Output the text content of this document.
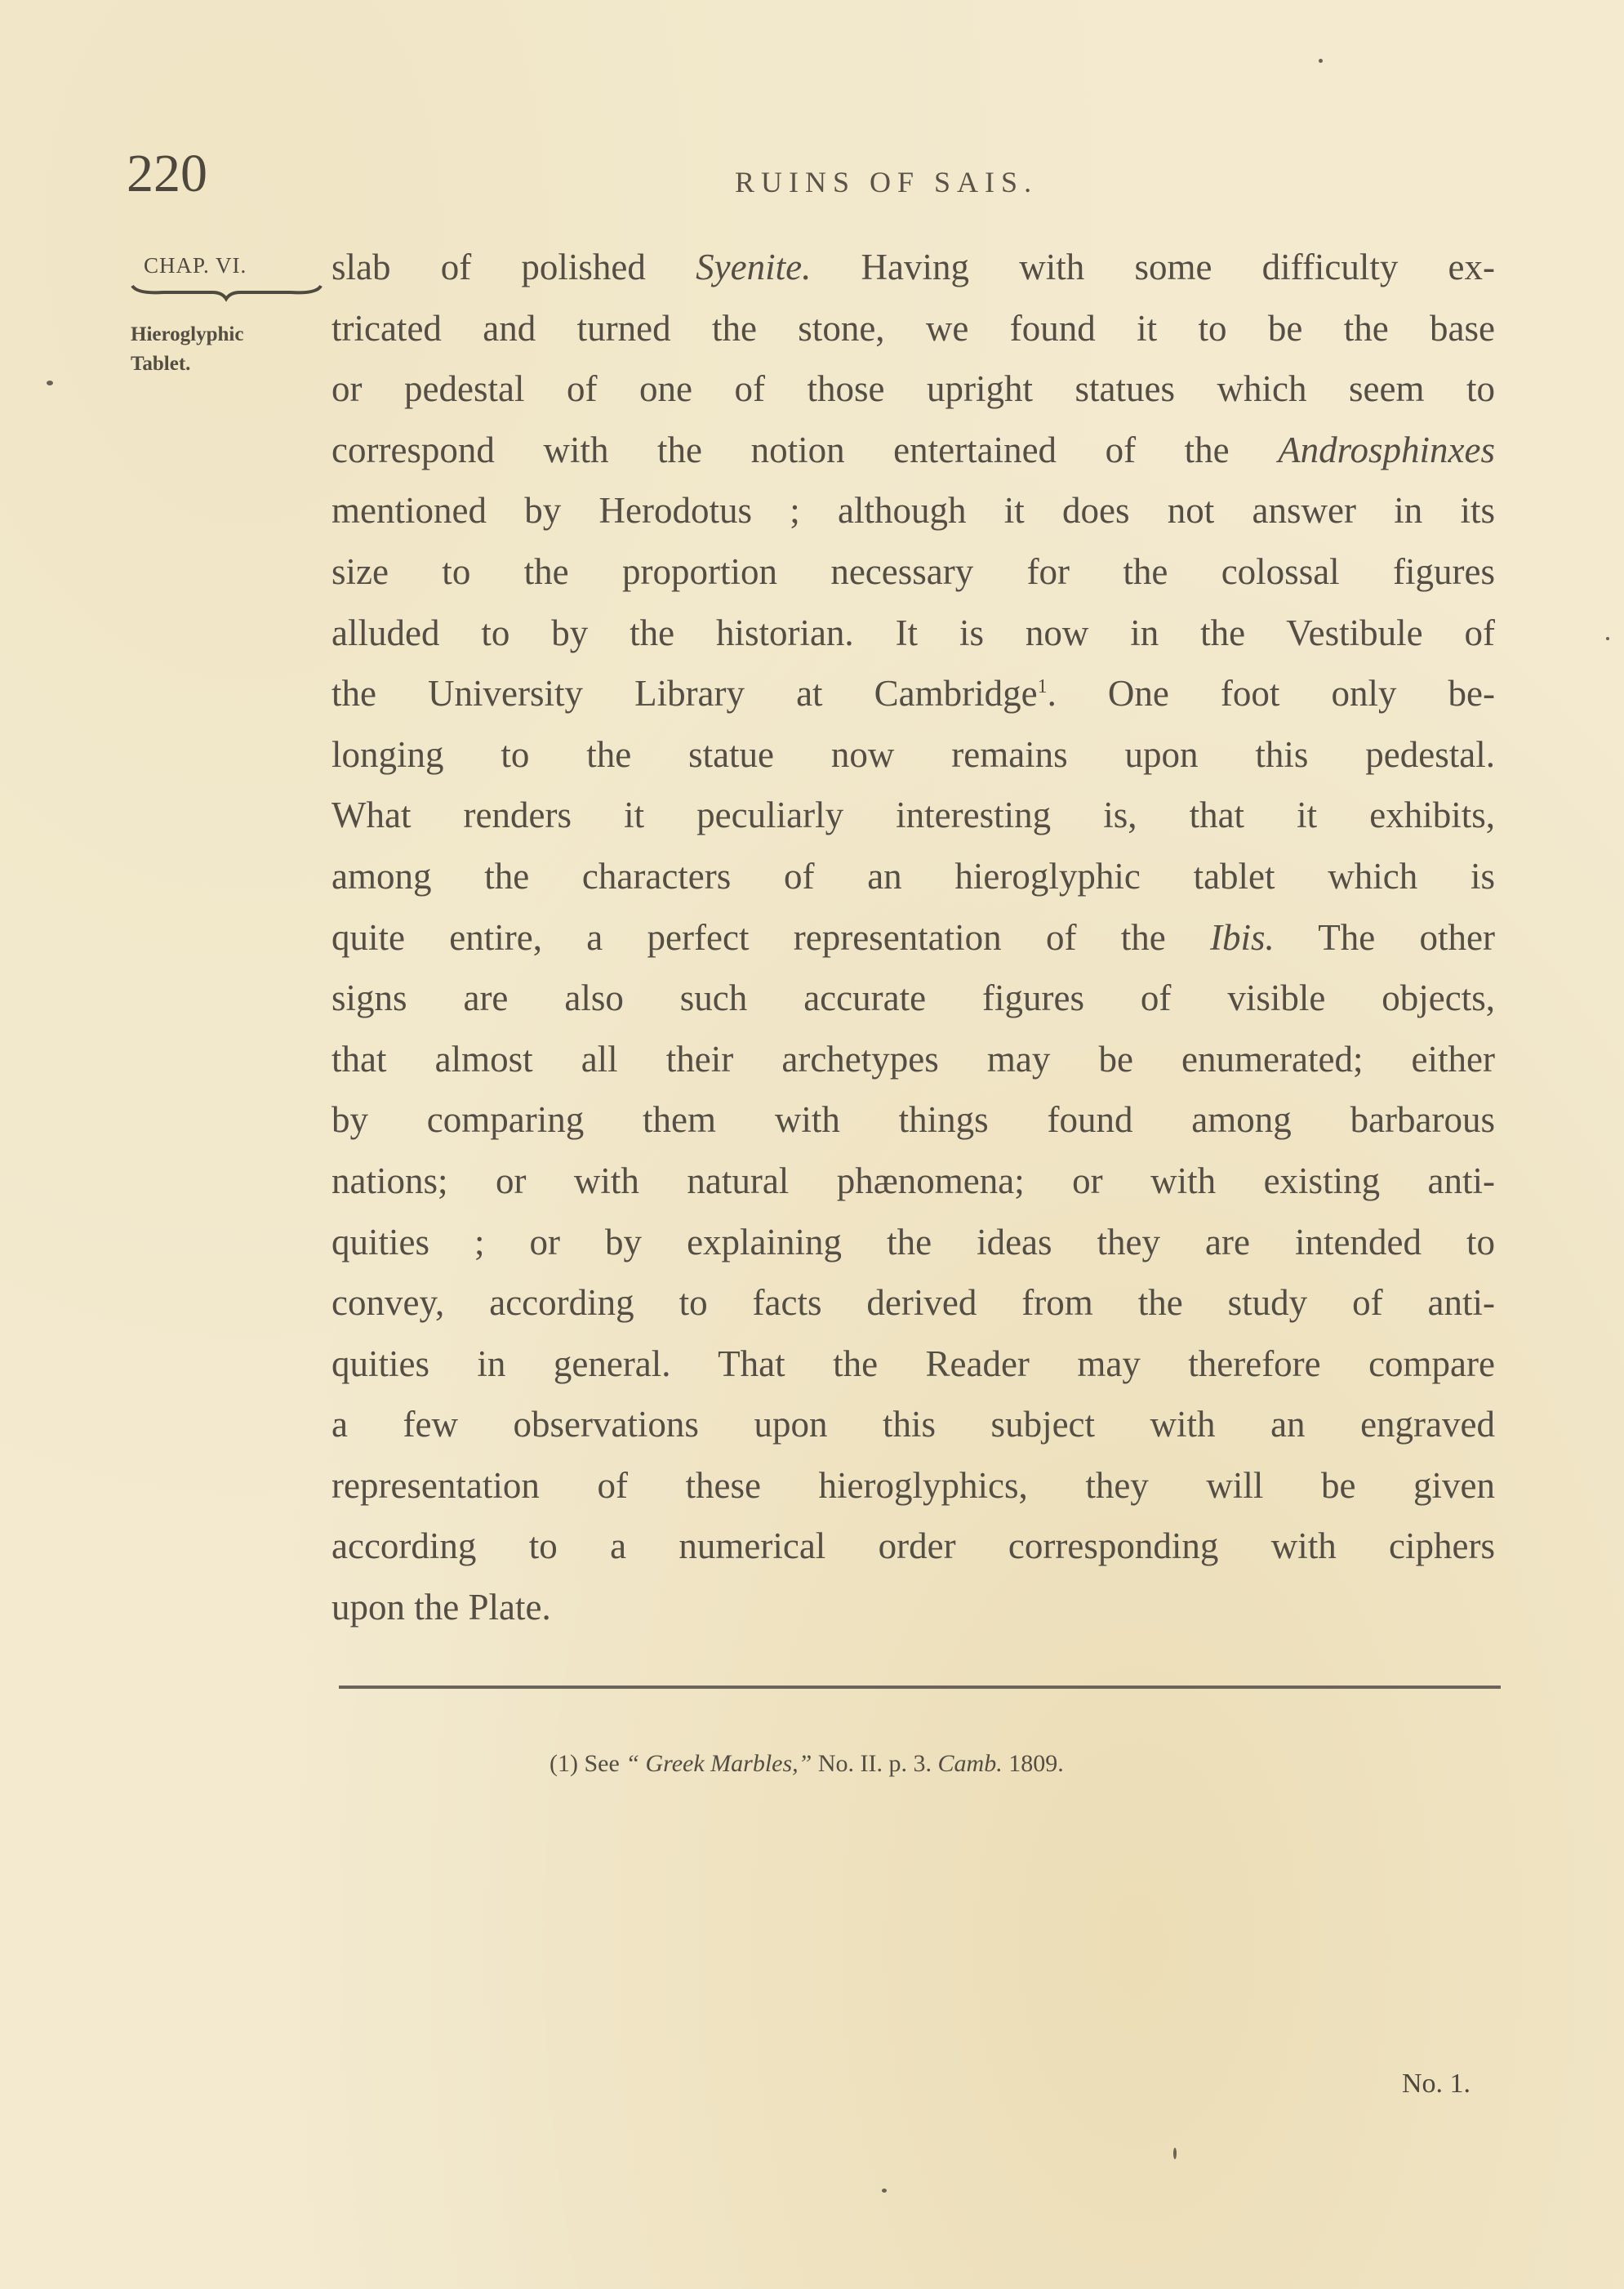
220	RUINS OF SAIS.
CHAP. VI.
Hieroglyphic
Tablet.
slab of polished Syenite. Having with some difficulty ex-
tricated and turned the stone, we found it to be the base
or pedestal of one of those upright statues which seem to
correspond with the notion entertained of the Androsphinxes
mentioned by Herodotus ; although it does not answer in its
size to the proportion necessary for the colossal figures
alluded to by the historian. It is now in the Vestibule of
the University Library at Cambridge$^1$. One foot only be-
longing to the statue now remains upon this pedestal.
What renders it peculiarly interesting is, that it exhibits,
among the characters of an hieroglyphic tablet which is
quite entire, a perfect representation of the Ibis. The other
signs are also such accurate figures of visible objects,
that almost all their archetypes may be enumerated; either
by comparing them with things found among barbarous
nations; or with natural phænomena; or with existing anti-
quities ; or by explaining the ideas they are intended to
convey, according to facts derived from the study of anti-
quities in general. That the Reader may therefore compare
a few observations upon this subject with an engraved
representation of these hieroglyphics, they will be given
according to a numerical order corresponding with ciphers
upon the Plate.
(1) See “ Greek Marbles,” No. II. p. 3. Camb. 1809.
No. 1.
